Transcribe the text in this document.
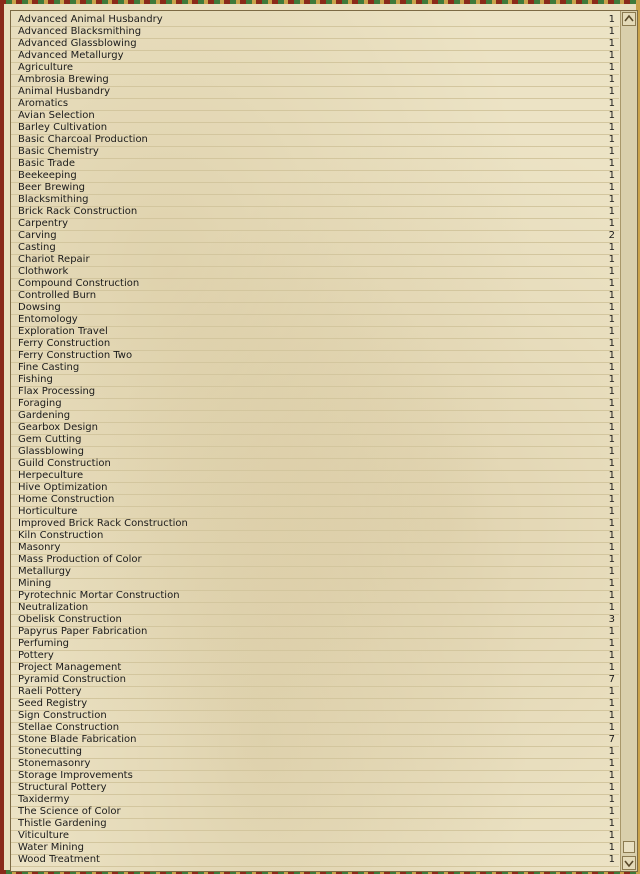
Advanced Animal Husbandry	1
Advanced Blacksmithing	1
Advanced Glassblowing	1
Advanced Metallurgy	1
Agriculture	1
Ambrosia Brewing	1
Animal Husbandry	1
Aromatics	1
Avian Selection	1
Barley Cultivation	1
Basic Charcoal Production	1
Basic Chemistry	1
Basic Trade	1
Beekeeping	1
Beer Brewing	1
Blacksmithing	1
Brick Rack Construction	1
Carpentry	1
Carving	2
Casting	1
Chariot Repair	1
Clothwork	1
Compound Construction	1
Controlled Burn	1
Dowsing	1
Entomology	1
Exploration Travel	1
Ferry Construction	1
Ferry Construction Two	1
Fine Casting	1
Fishing	1
Flax Processing	1
Foraging	1
Gardening	1
Gearbox Design	1
Gem Cutting	1
Glassblowing	1
Guild Construction	1
Herpeculture	1
Hive Optimization	1
Home Construction	1
Horticulture	1
Improved Brick Rack Construction	1
Kiln Construction	1
Masonry	1
Mass Production of Color	1
Metallurgy	1
Mining	1
Pyrotechnic Mortar Construction	1
Neutralization	1
Obelisk Construction	3
Papyrus Paper Fabrication	1
Perfuming	1
Pottery	1
Project Management	1
Pyramid Construction	7
Raeli Pottery	1
Seed Registry	1
Sign Construction	1
Stellae Construction	1
Stone Blade Fabrication	7
Stonecutting	1
Stonemasonry	1
Storage Improvements	1
Structural Pottery	1
Taxidermy	1
The Science of Color	1
Thistle Gardening	1
Viticulture	1
Water Mining	1
Wood Treatment	1
